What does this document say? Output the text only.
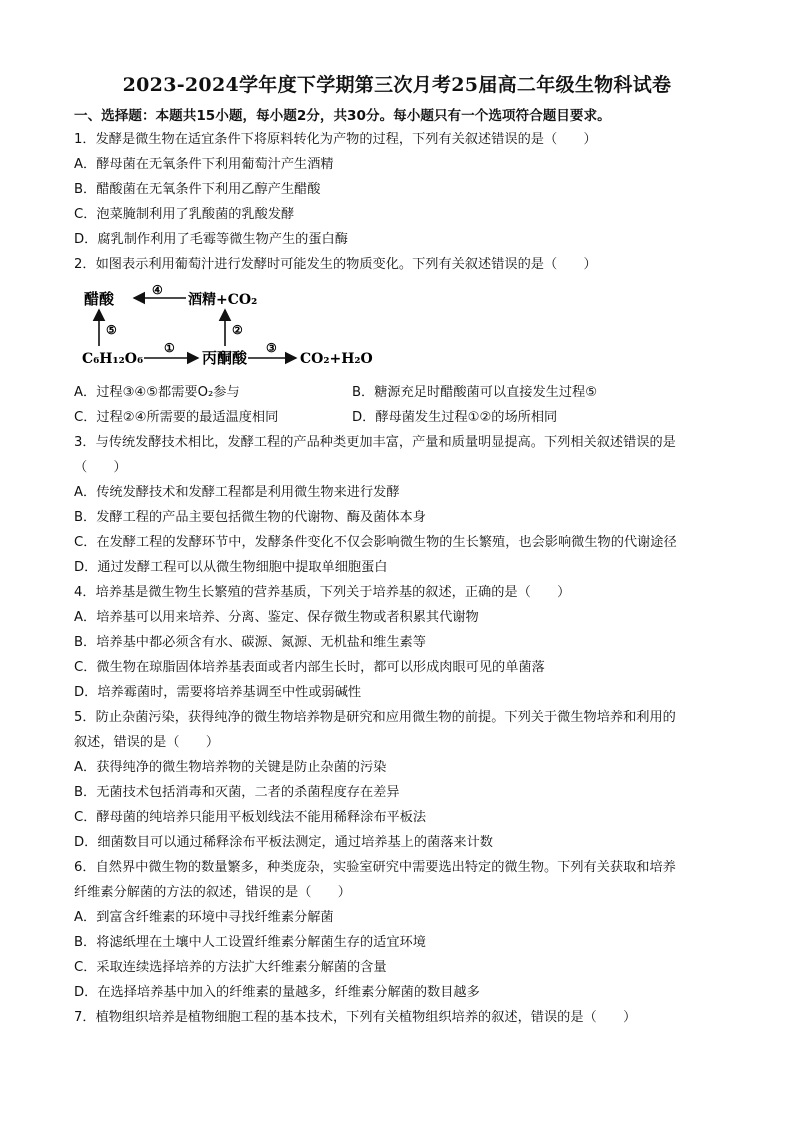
2023-2024学年度下学期第三次月考25届高二年级生物科试卷
一、选择题：本题共15小题，每小题2分，共30分。每小题只有一个选项符合题目要求。
1．发酵是微生物在适宜条件下将原料转化为产物的过程，下列有关叙述错误的是（　　）
A．酵母菌在无氧条件下利用葡萄汁产生酒精
B．醋酸菌在无氧条件下利用乙醇产生醋酸
C．泡菜腌制利用了乳酸菌的乳酸发酵
D．腐乳制作利用了毛霉等微生物产生的蛋白酶
2．如图表示利用葡萄汁进行发酵时可能发生的物质变化。下列有关叙述错误的是（　　）
醋酸	酒精+CO₂
C₆H₁₂O₆	丙酮酸	CO₂+H₂O
④
⑤
①
②
③
A．过程③④⑤都需要O₂参与	B．糖源充足时醋酸菌可以直接发生过程⑤
C．过程②④所需要的最适温度相同	D．酵母菌发生过程①②的场所相同
3．与传统发酵技术相比，发酵工程的产品种类更加丰富，产量和质量明显提高。下列相关叙述错误的是
（　　）
A．传统发酵技术和发酵工程都是利用微生物来进行发酵
B．发酵工程的产品主要包括微生物的代谢物、酶及菌体本身
C．在发酵工程的发酵环节中，发酵条件变化不仅会影响微生物的生长繁殖，也会影响微生物的代谢途径
D．通过发酵工程可以从微生物细胞中提取单细胞蛋白
4．培养基是微生物生长繁殖的营养基质，下列关于培养基的叙述，正确的是（　　）
A．培养基可以用来培养、分离、鉴定、保存微生物或者积累其代谢物
B．培养基中都必须含有水、碳源、氮源、无机盐和维生素等
C．微生物在琼脂固体培养基表面或者内部生长时，都可以形成肉眼可见的单菌落
D．培养霉菌时，需要将培养基调至中性或弱碱性
5．防止杂菌污染，获得纯净的微生物培养物是研究和应用微生物的前提。下列关于微生物培养和利用的
叙述，错误的是（　　）
A．获得纯净的微生物培养物的关键是防止杂菌的污染
B．无菌技术包括消毒和灭菌，二者的杀菌程度存在差异
C．酵母菌的纯培养只能用平板划线法不能用稀释涂布平板法
D．细菌数目可以通过稀释涂布平板法测定，通过培养基上的菌落来计数
6．自然界中微生物的数量繁多，种类庞杂，实验室研究中需要选出特定的微生物。下列有关获取和培养
纤维素分解菌的方法的叙述，错误的是（　　）
A．到富含纤维素的环境中寻找纤维素分解菌
B．将滤纸埋在土壤中人工设置纤维素分解菌生存的适宜环境
C．采取连续选择培养的方法扩大纤维素分解菌的含量
D．在选择培养基中加入的纤维素的量越多，纤维素分解菌的数目越多
7．植物组织培养是植物细胞工程的基本技术，下列有关植物组织培养的叙述，错误的是（　　）
